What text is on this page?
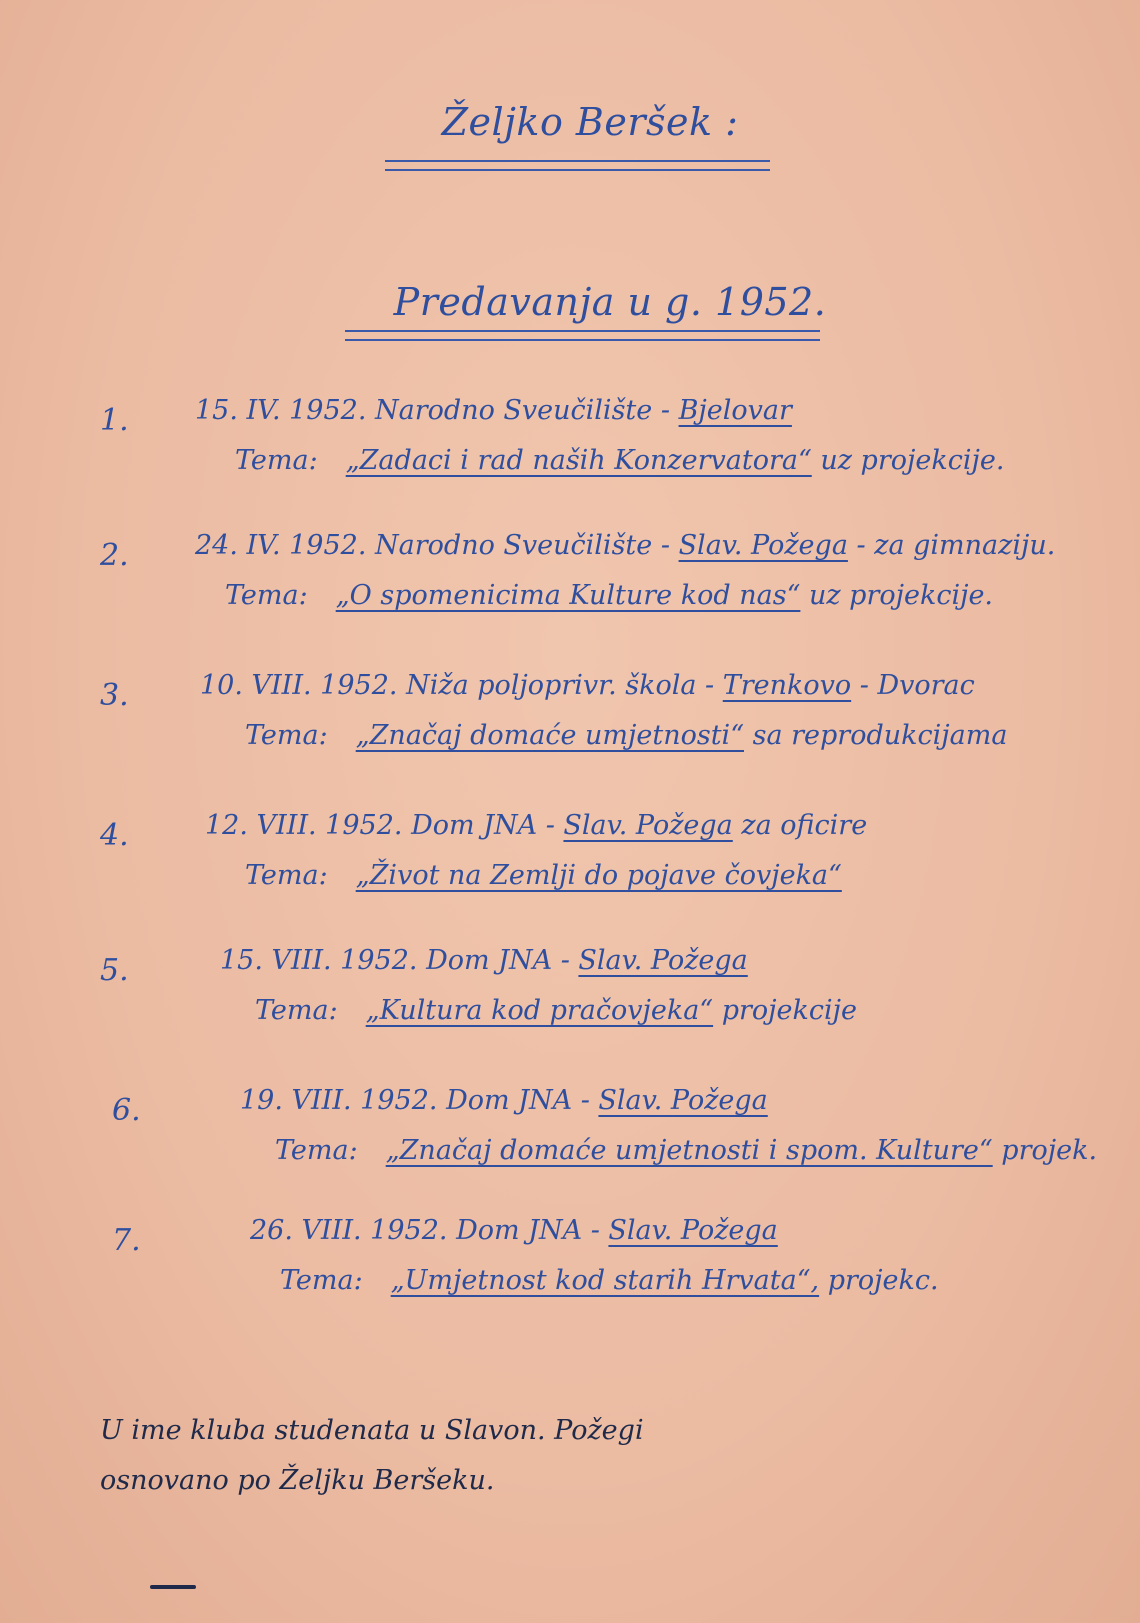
Željko Beršek :
Predavanja u g. 1952.
1. 15. IV. 1952. Narodno Sveučilište - Bjelovar
Tema: „Zadaci i rad naših Konzervatora“ uz projekcije.
2. 24. IV. 1952. Narodno Sveučilište - Slav. Požega - za gimnaziju.
Tema: „O spomenicima Kulture kod nas“ uz projekcije.
3.	10. VIII. 1952. Niža poljoprivr. škola - Trenkovo - Dvorac
Tema: „Značaj domaće umjetnosti“ sa reprodukcijama
4.	12. VIII. 1952. Dom JNA - Slav. Požega za oficire
Tema: „Život na Zemlji do pojave čovjeka“
5.	15. VIII. 1952. Dom JNA - Slav. Požega
Tema: „Kultura kod pračovjeka“ projekcije
6.	19. VIII. 1952. Dom JNA - Slav. Požega
Tema: „Značaj domaće umjetnosti i spom. Kulture“ projek.
7.	26. VIII. 1952. Dom JNA - Slav. Požega
Tema: „Umjetnost kod starih Hrvata“, projekc.
U ime kluba studenata u Slavon. Požegi
osnovano po Željku Beršeku.
